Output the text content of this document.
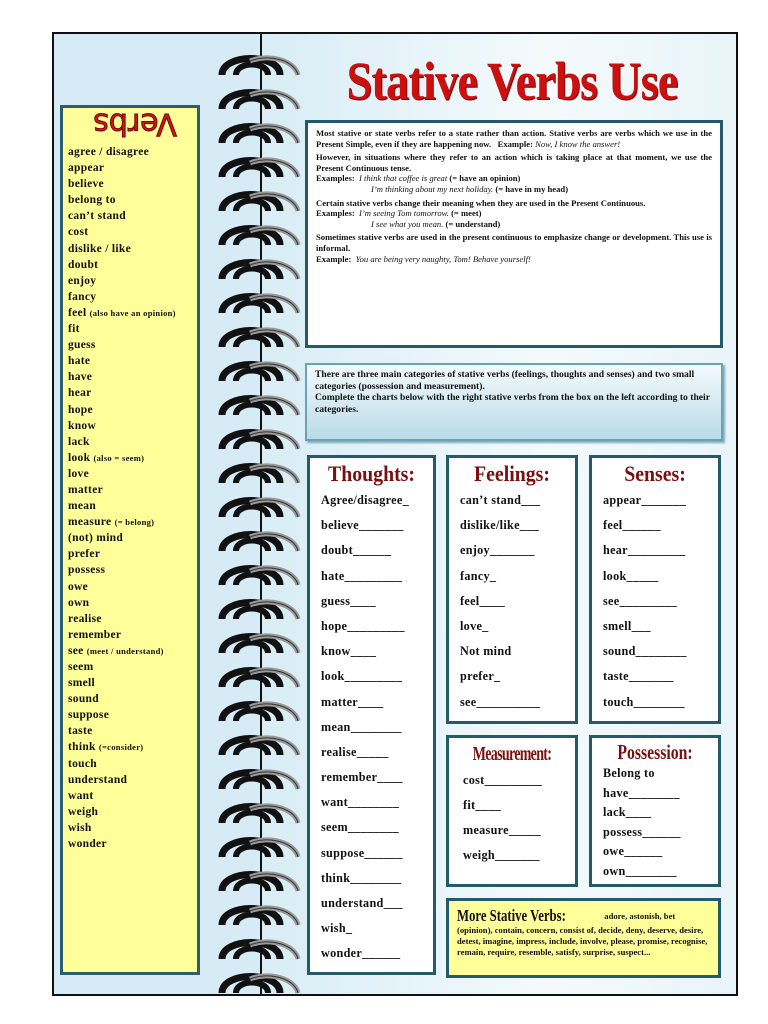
agree / disagree
appear
believe
belong to
can’t stand
cost
dislike / like
doubt
enjoy
fancy
feel (also have an opinion)
fit
guess
hate
have
hear
hope
know
lack
look (also = seem)
love
matter
mean
measure (= belong)
(not) mind
prefer
possess
owe
own
realise
remember
see (meet / understand)
seem
smell
sound
suppose
taste
think (=consider)
touch
understand
want
weigh
wish
wonder
Verbs
Stative Verbs Use

Most stative or state verbs refer to a state rather than action. Stative verbs are verbs which we use in the Present Simple, even if they are happening now. Example: Now, I know the answer!

However, in situations where they refer to an action which is taking place at that moment, we use the Present Continuous tense.
Examples:  I think that coffee is great (= have an opinion)
I’m thinking about my next holiday. (= have in my head)

Certain stative verbs change their meaning when they are used in the Present Continuous.
Examples:  I’m seeing Tom tomorrow. (= meet)
I see what you mean. (= understand)

Sometimes stative verbs are used in the present continuous to emphasize change or development. This use is informal.
Example:  You are being very naughty, Tom! Behave yourself!

There are three main categories of stative verbs (feelings, thoughts and senses) and two small categories (possession and measurement).
Complete the charts below with the right stative verbs from the box on the left according to their categories.
Thoughts:
Agree/disagree_
believe_______
doubt______
hate_________
guess____
hope_________
know____
look_________
matter____
mean________
realise_____
remember____
want________
seem________
suppose______
think________
understand___
wish_
wonder______
Feelings:
can’t stand___
dislike/like___
enjoy_______
fancy_
feel____
love_
Not mind
prefer_
see__________
Senses:
appear_______
feel______
hear_________
look_____
see_________
smell___
sound________
taste_______
touch________
Measurement:
cost_________
fit____
measure_____
weigh_______
Possession:
Belong to
have________
lack____
possess______
owe______
own________
More Stative Verbs:	adore, astonish, bet (opinion), contain, concern, consist of, decide, deny, deserve, desire, detest, imagine, impress, include, involve, please, promise, recognise, remain, require, resemble, satisfy, surprise, suspect...
